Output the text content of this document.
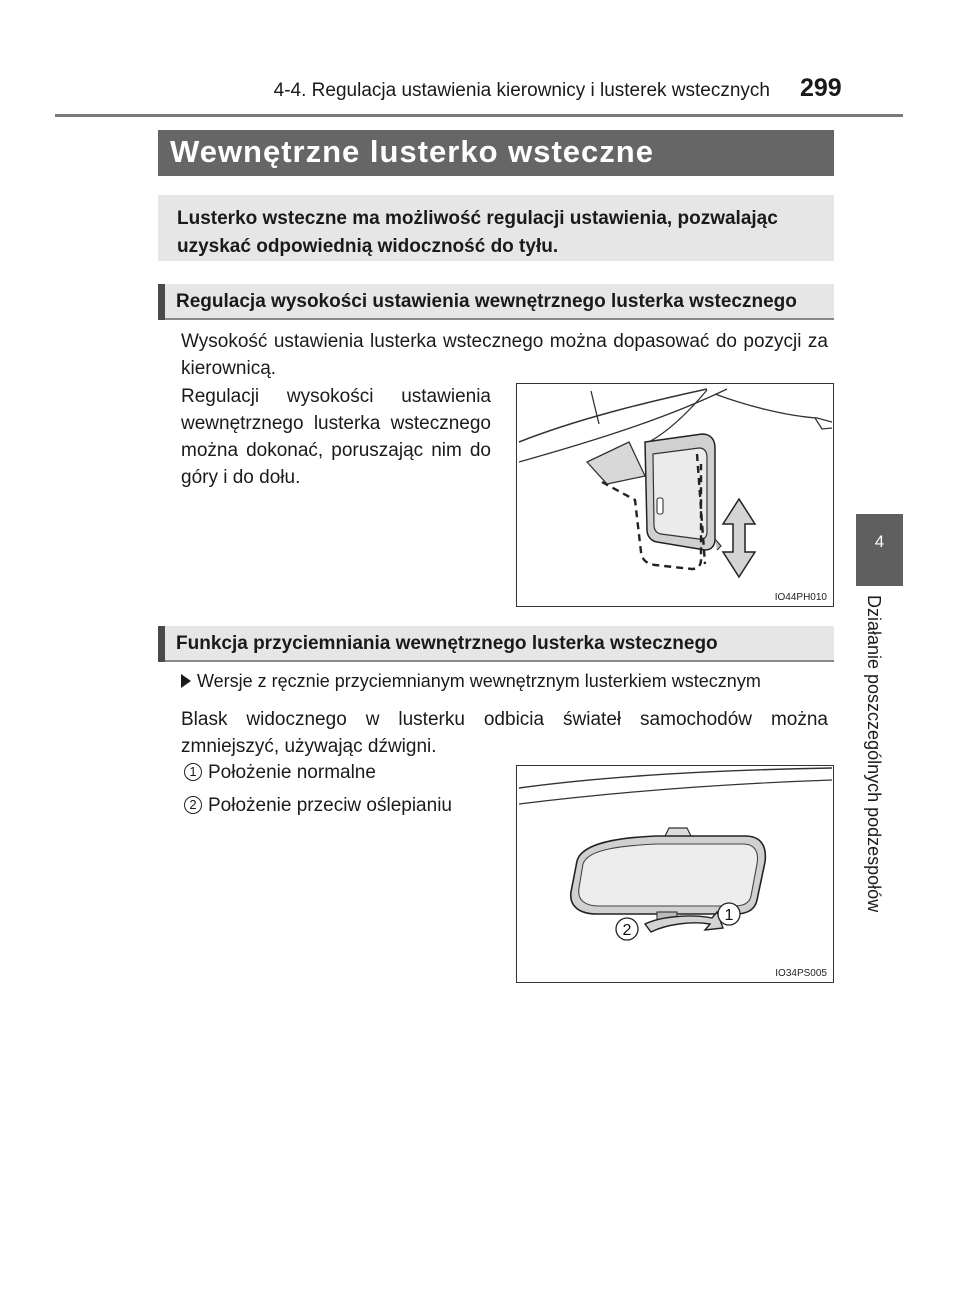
4-4. Regulacja ustawienia kierownicy i lusterek wstecznych 299
4
Działanie poszczególnych podzespołów
Wewnętrzne lusterko wsteczne
Lusterko wsteczne ma możliwość regulacji ustawienia, pozwalając uzyskać odpowiednią widoczność do tyłu.
Regulacja wysokości ustawienia wewnętrznego lusterka wstecznego
Wysokość ustawienia lusterka wstecznego można dopasować do pozycji za kierownicą.
Regulacji wysokości ustawienia wewnętrznego lusterka wstecznego można dokonać, poruszając nim do góry i do dołu.
IO44PH010
Funkcja przyciemniania wewnętrznego lusterka wstecznego
Wersje z ręcznie przyciemnianym wewnętrznym lusterkiem wstecznym
Blask widocznego w lusterku odbicia świateł samochodów można zmniejszyć, używając dźwigni.
1 Położenie normalne
2 Położenie przeciw oślepianiu
1
2
IO34PS005
